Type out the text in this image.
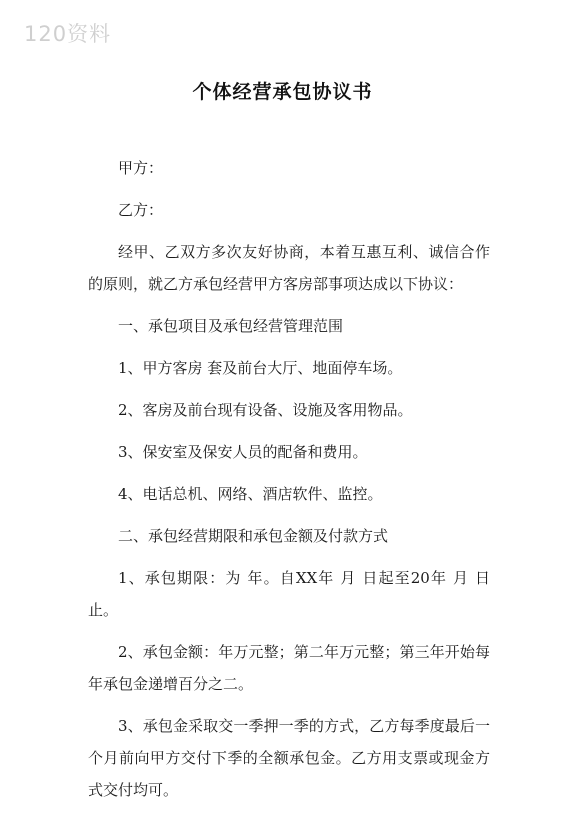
120资料
个体经营承包协议书

甲方：

乙方：

经甲、乙双方多次友好协商，本着互惠互利、诚信合作的原则，就乙方承包经营甲方客房部事项达成以下协议：

一、承包项目及承包经营管理范围

1、甲方客房 套及前台大厅、地面停车场。

2、客房及前台现有设备、设施及客用物品。

3、保安室及保安人员的配备和费用。

4、电话总机、网络、酒店软件、监控。

二、承包经营期限和承包金额及付款方式

1、承包期限：为 年。自XX年 月 日起至20年 月 日止。

2、承包金额：年万元整；第二年万元整；第三年开始每年承包金递增百分之二。

3、承包金采取交一季押一季的方式，乙方每季度最后一个月前向甲方交付下季的全额承包金。乙方用支票或现金方式交付均可。
